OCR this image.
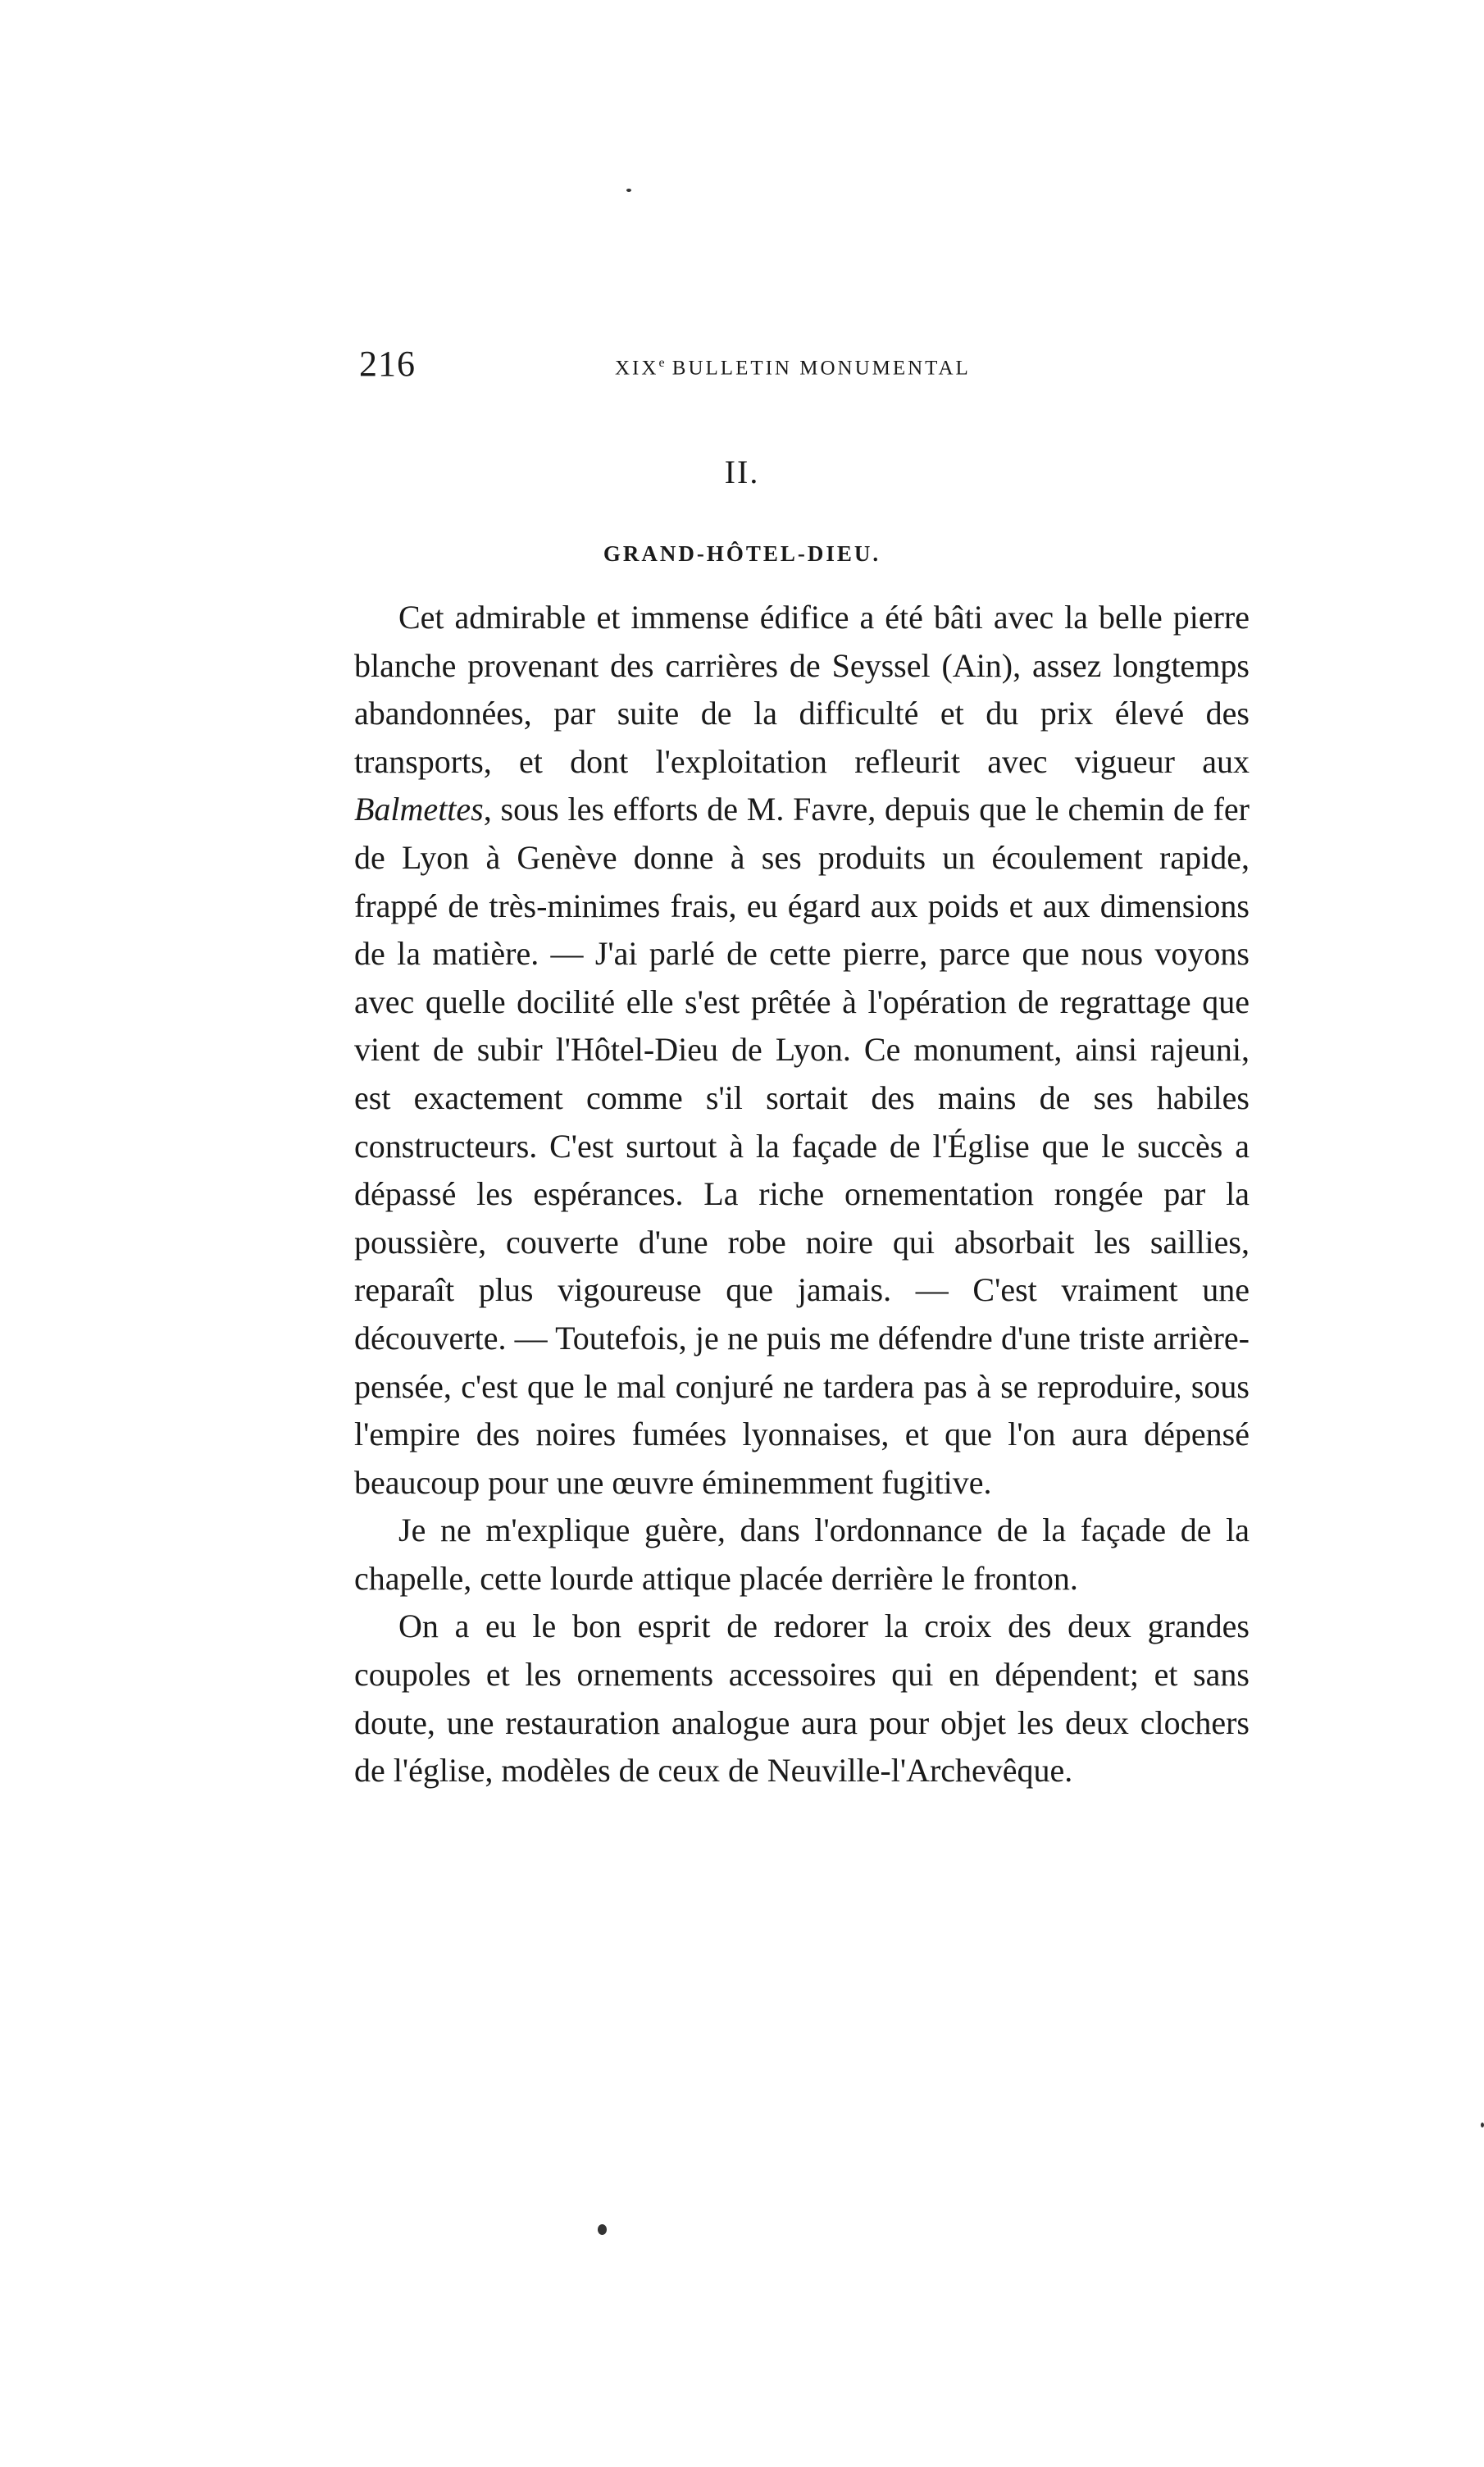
216	XIXe BULLETIN MONUMENTAL
II.
GRAND-HÔTEL-DIEU.

Cet admirable et immense édifice a été bâti avec la belle pierre blanche provenant des carrières de Seyssel (Ain), assez longtemps abandonnées, par suite de la difficulté et du prix élevé des transports, et dont l'exploitation refleurit avec vigueur aux Balmettes, sous les efforts de M. Favre, depuis que le chemin de fer de Lyon à Genève donne à ses produits un écoulement rapide, frappé de très-minimes frais, eu égard aux poids et aux dimensions de la matière. — J'ai parlé de cette pierre, parce que nous voyons avec quelle docilité elle s'est prêtée à l'opération de regrattage que vient de subir l'Hôtel-Dieu de Lyon. Ce monument, ainsi rajeuni, est exactement comme s'il sortait des mains de ses habiles constructeurs. C'est surtout à la façade de l'Église que le succès a dépassé les espérances. La riche ornementation rongée par la poussière, couverte d'une robe noire qui absorbait les saillies, reparaît plus vigoureuse que jamais. — C'est vraiment une découverte. — Toutefois, je ne puis me défendre d'une triste arrière-pensée, c'est que le mal conjuré ne tardera pas à se reproduire, sous l'empire des noires fumées lyonnaises, et que l'on aura dépensé beaucoup pour une œuvre éminemment fugitive.

Je ne m'explique guère, dans l'ordonnance de la façade de la chapelle, cette lourde attique placée derrière le fronton.

On a eu le bon esprit de redorer la croix des deux grandes coupoles et les ornements accessoires qui en dépendent; et sans doute, une restauration analogue aura pour objet les deux clochers de l'église, modèles de ceux de Neuville-l'Archevêque.
